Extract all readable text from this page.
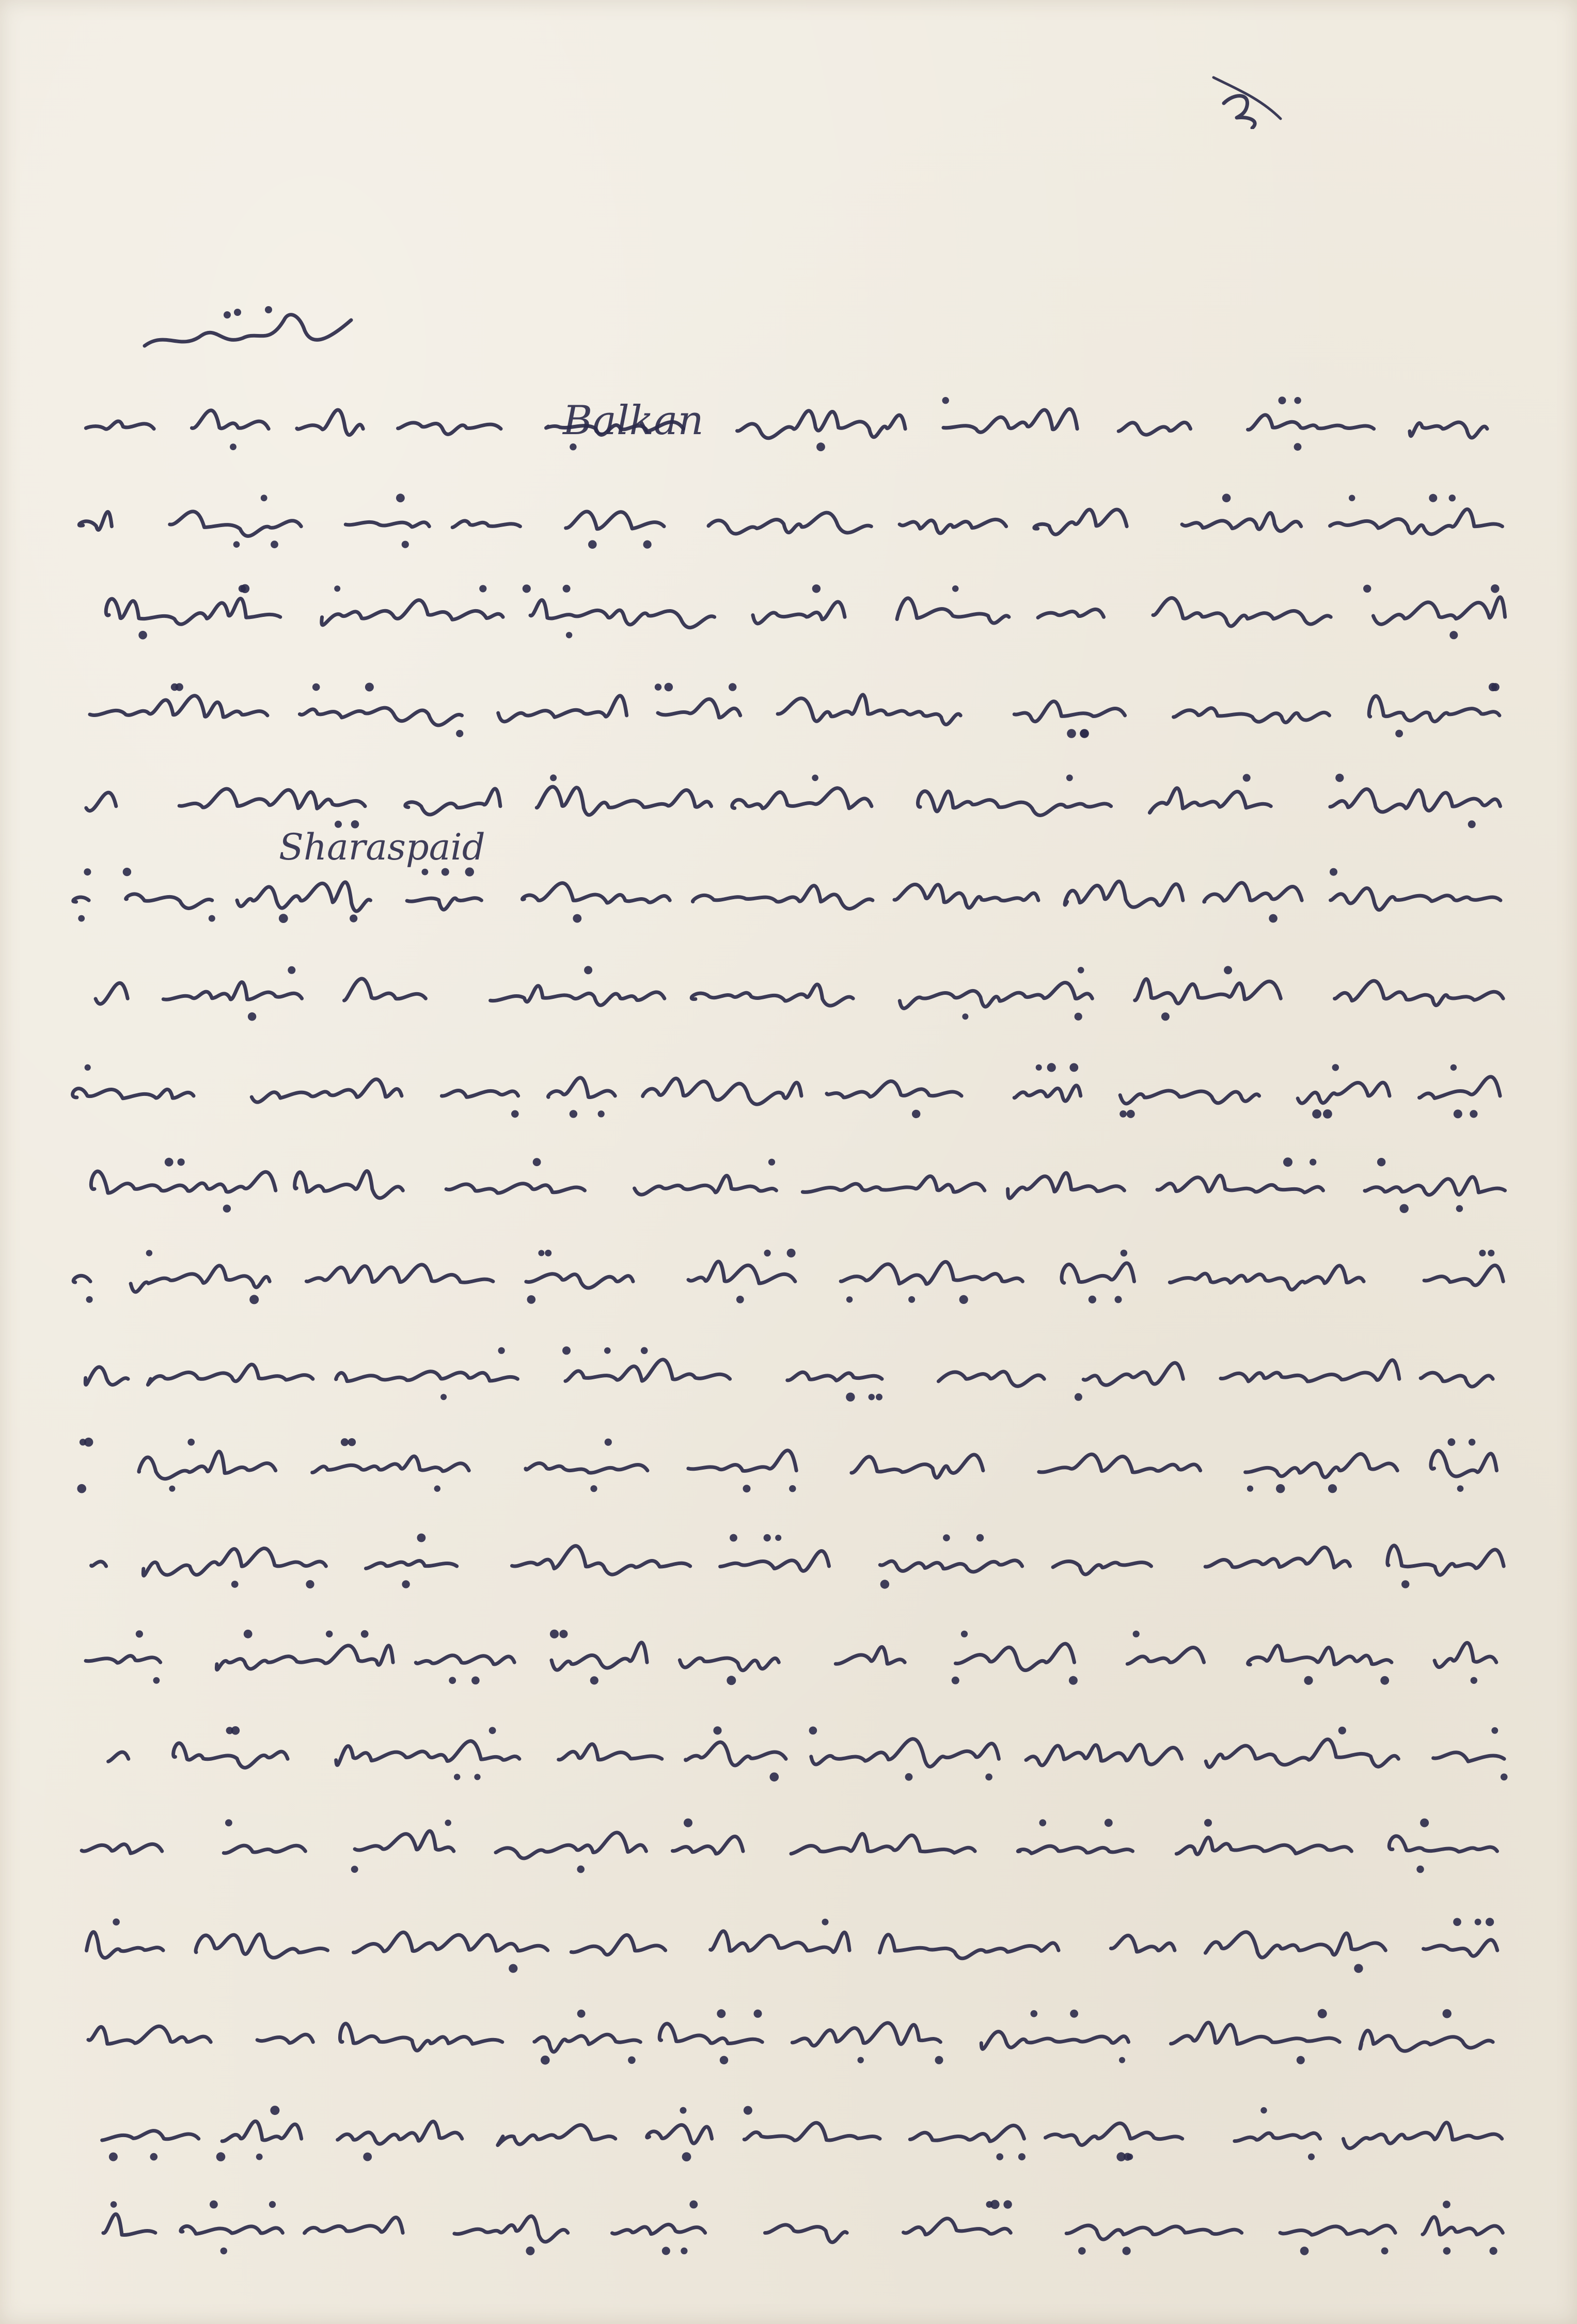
Balkan
Sharaspaid
